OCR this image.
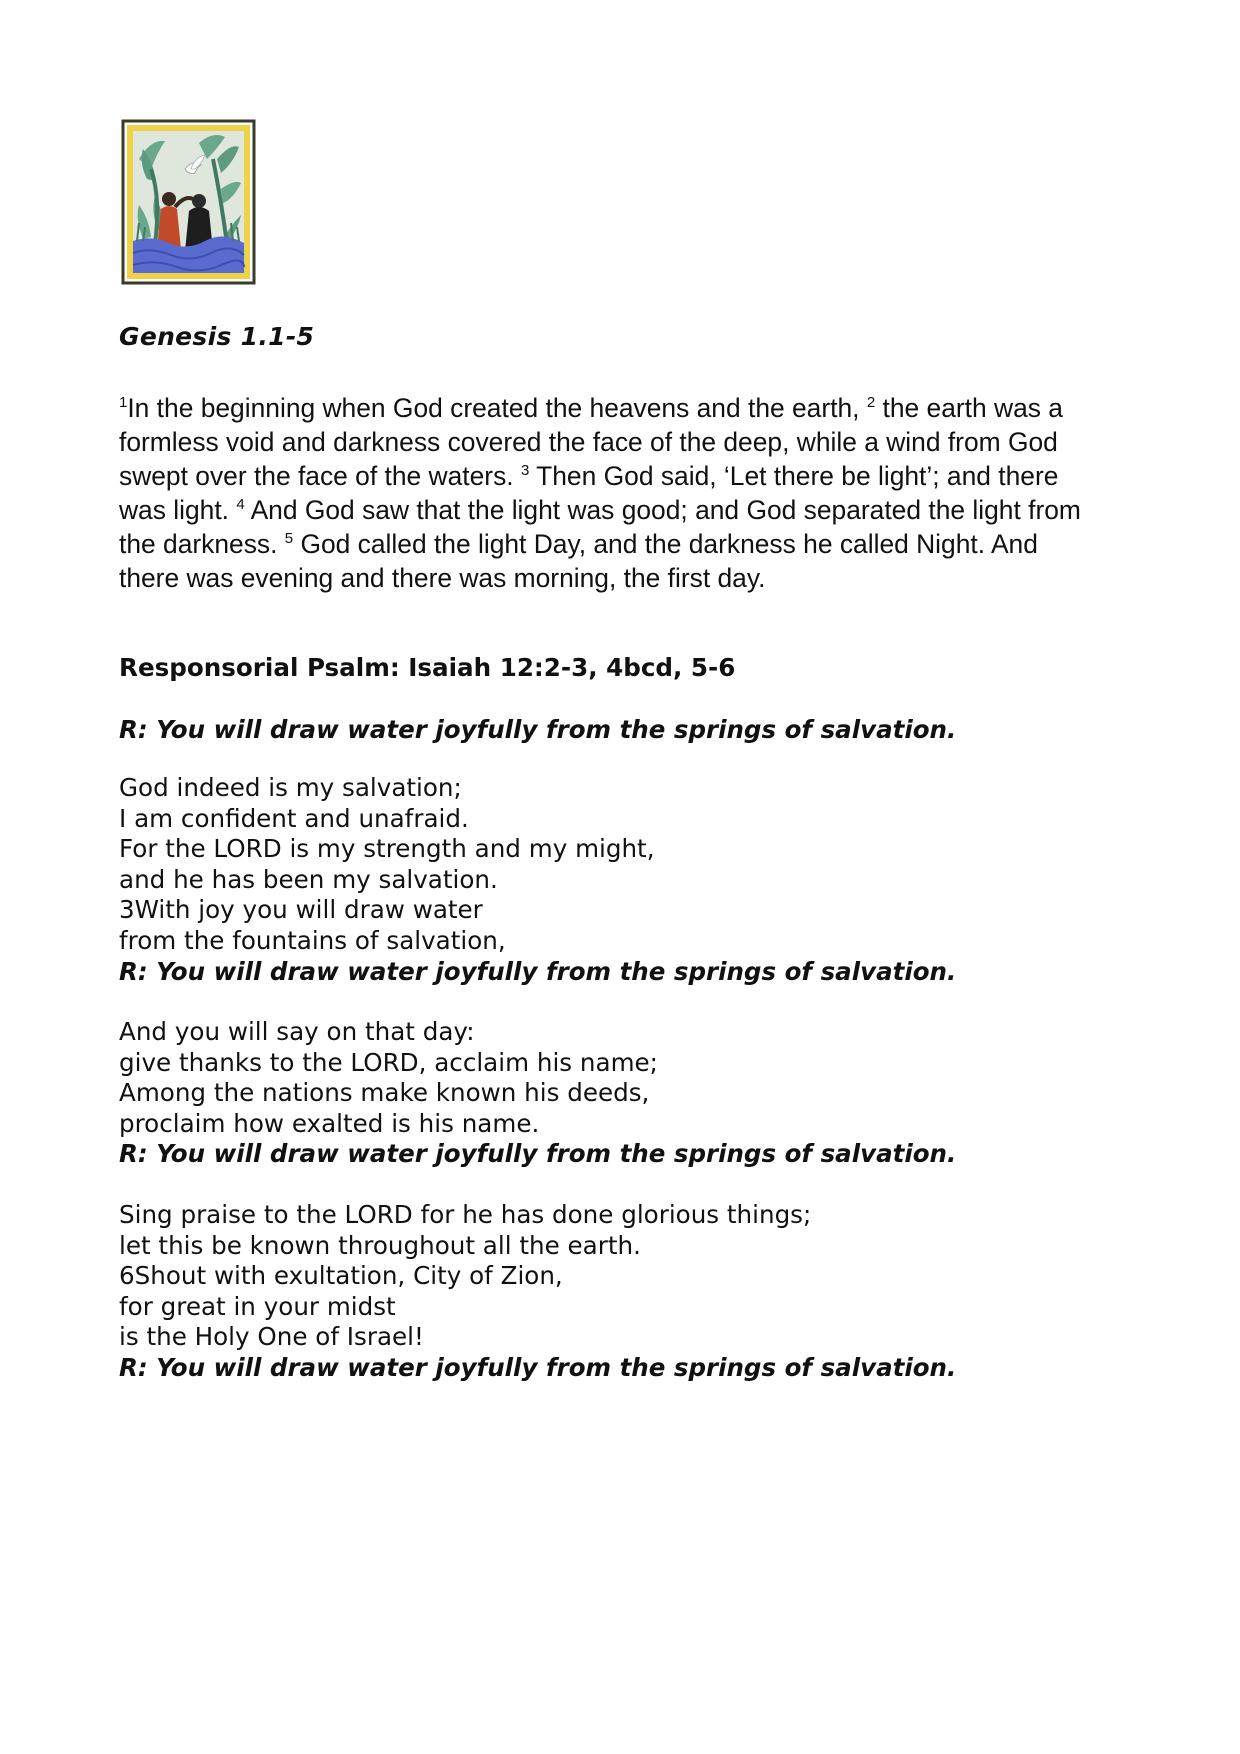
Genesis 1.1-5

$^1$In the beginning when God created the heavens and the earth, $^2$ the earth was a
formless void and darkness covered the face of the deep, while a wind from God
swept over the face of the waters. $^3$ Then God said, ‘Let there be light’; and there
was light. $^4$ And God saw that the light was good; and God separated the light from
the darkness. $^5$ God called the light Day, and the darkness he called Night. And
there was evening and there was morning, the first day.

Responsorial Psalm: Isaiah 12:2-3, 4bcd, 5-6
R: You will draw water joyfully from the springs of salvation.
God indeed is my salvation;
I am confident and unafraid.
For the LORD is my strength and my might,
and he has been my salvation.
3With joy you will draw water
from the fountains of salvation,
R: You will draw water joyfully from the springs of salvation.
And you will say on that day:
give thanks to the LORD, acclaim his name;
Among the nations make known his deeds,
proclaim how exalted is his name.
R: You will draw water joyfully from the springs of salvation.
Sing praise to the LORD for he has done glorious things;
let this be known throughout all the earth.
6Shout with exultation, City of Zion,
for great in your midst
is the Holy One of Israel!
R: You will draw water joyfully from the springs of salvation.
